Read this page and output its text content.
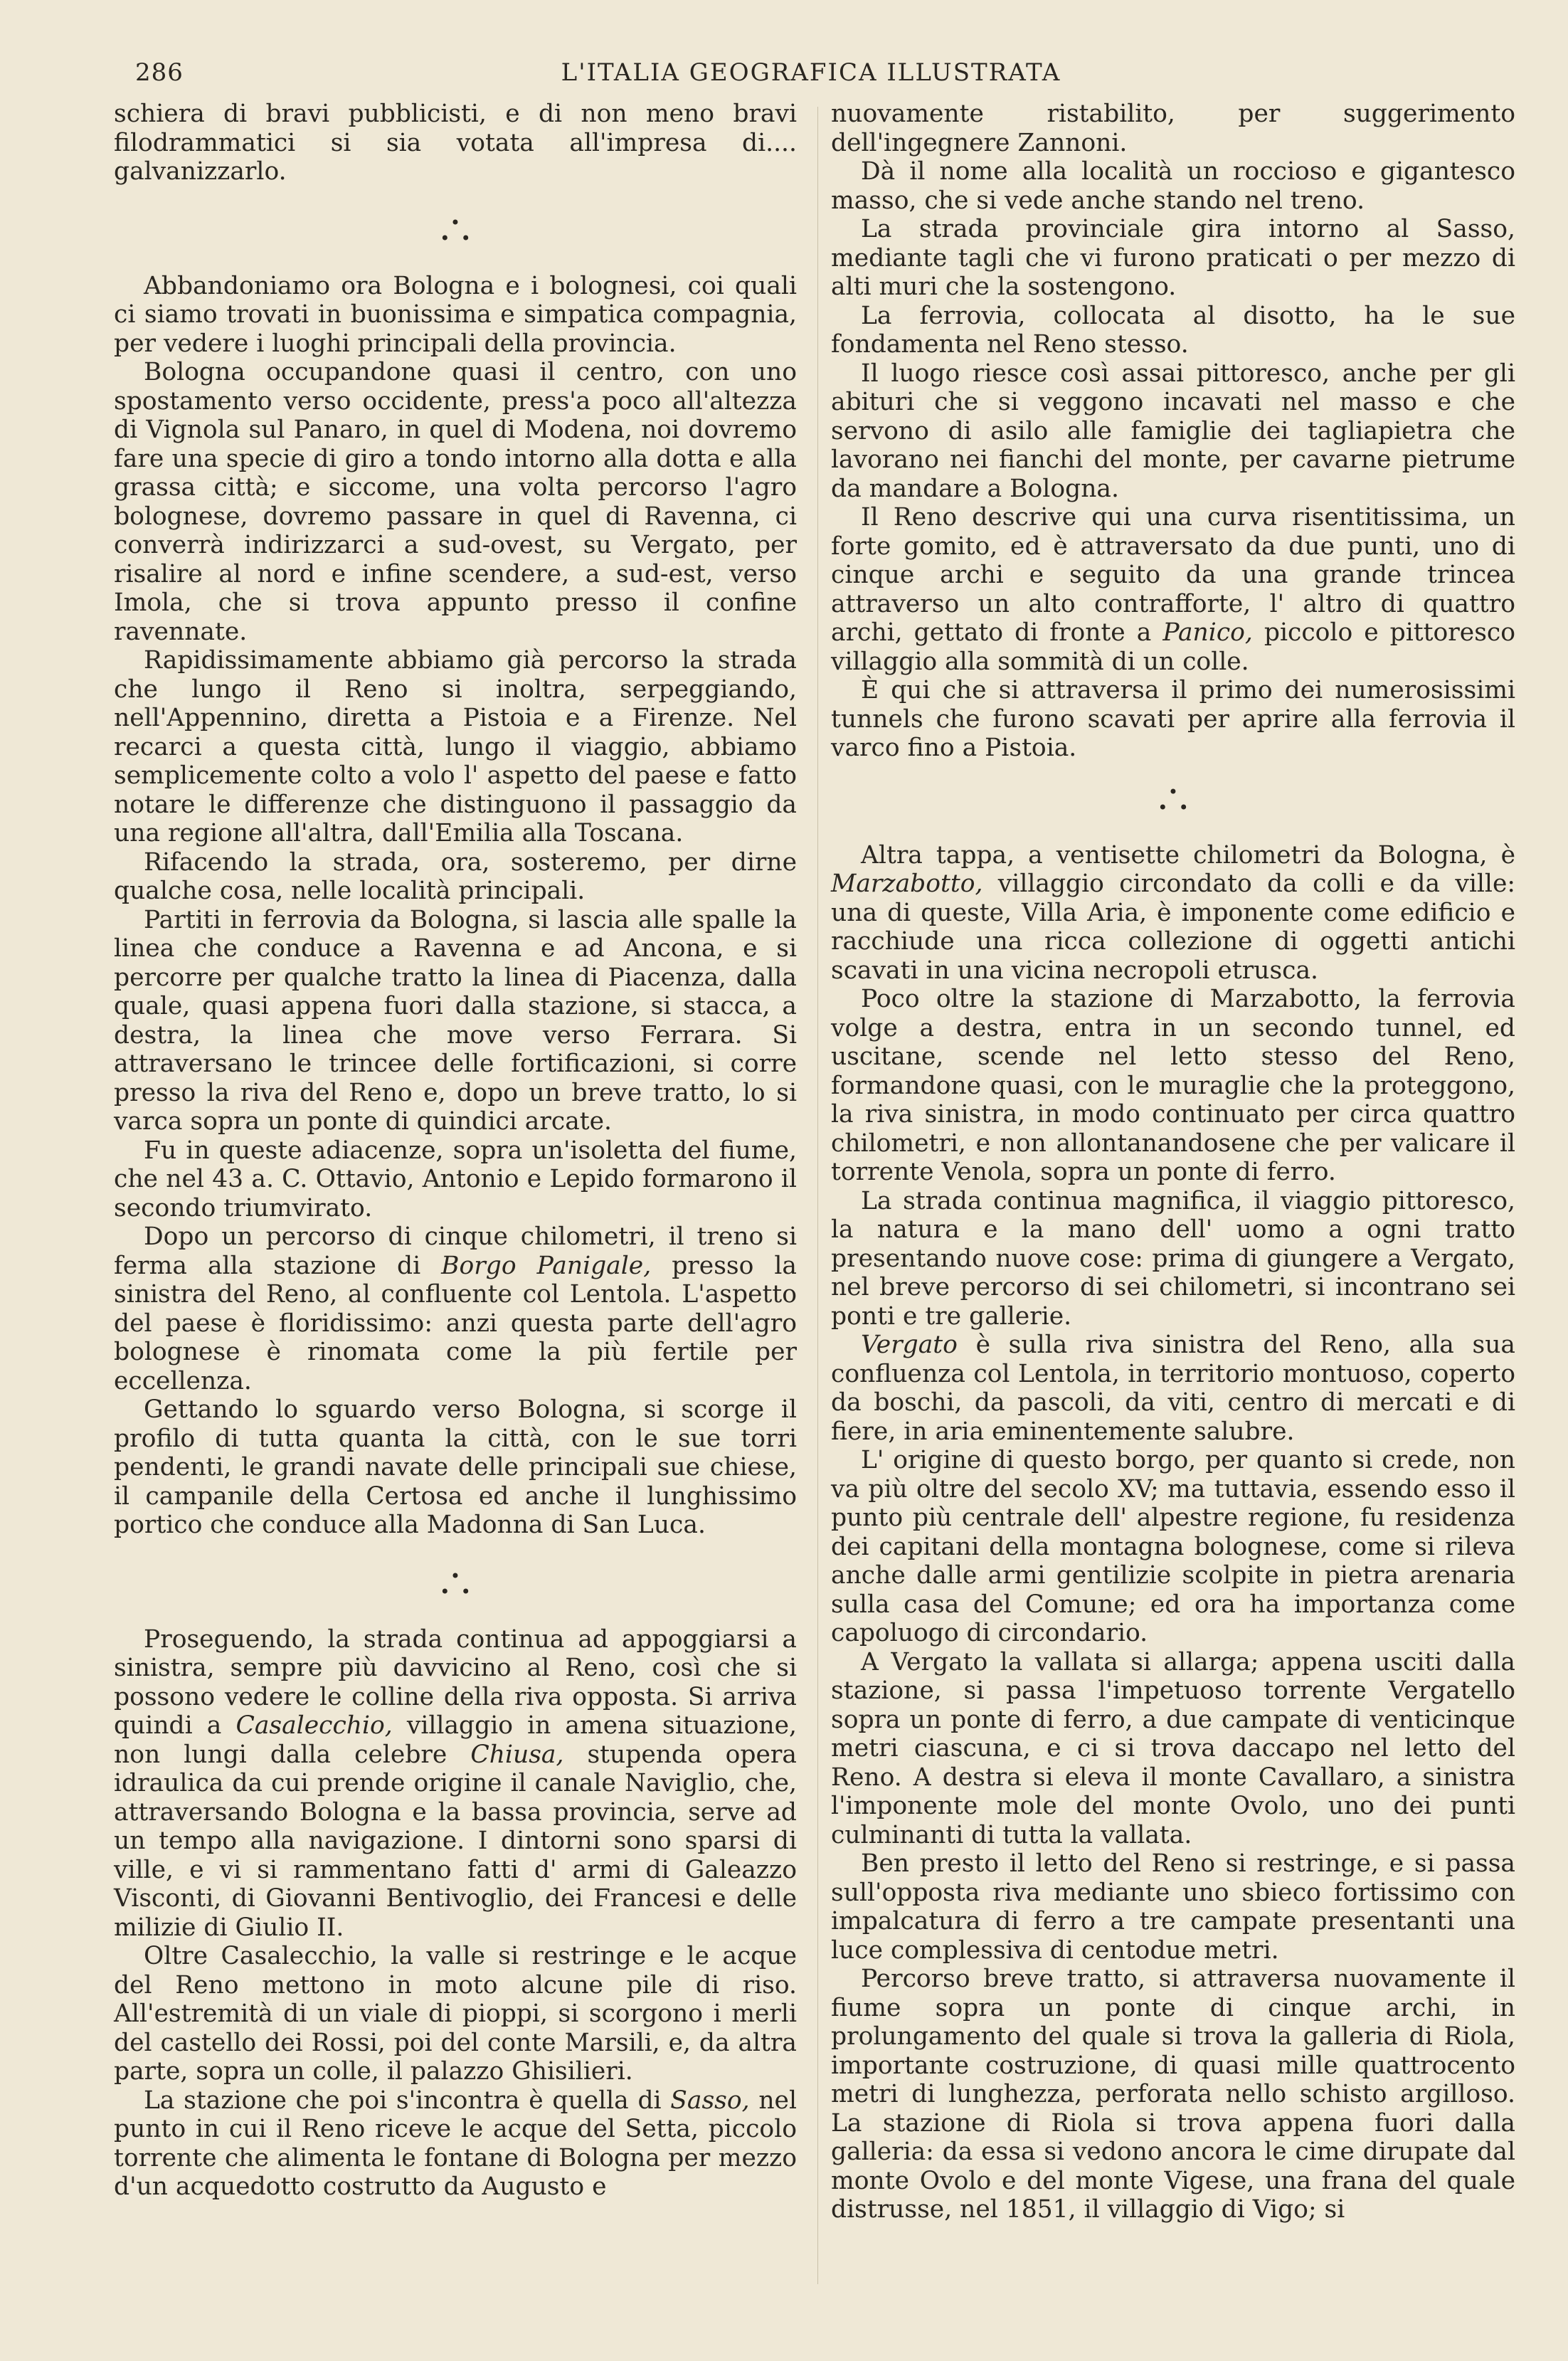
286	L'ITALIA GEOGRAFICA ILLUSTRATA

schiera di bravi pubblicisti, e di non meno bravi filodrammatici si sia votata all'impresa di.... galvanizzarlo.

•
• •

Abbandoniamo ora Bologna e i bolognesi, coi quali ci siamo trovati in buonissima e simpatica compagnia, per vedere i luoghi principali della provincia.

Bologna occupandone quasi il centro, con uno spostamento verso occidente, press'a poco all'altezza di Vignola sul Panaro, in quel di Modena, noi dovremo fare una specie di giro a tondo intorno alla dotta e alla grassa città; e siccome, una volta percorso l'agro bolognese, dovremo passare in quel di Ravenna, ci converrà indirizzarci a sud-ovest, su Vergato, per risalire al nord e infine scendere, a sud-est, verso Imola, che si trova appunto presso il confine ravennate.

Rapidissimamente abbiamo già percorso la strada che lungo il Reno si inoltra, serpeggiando, nell'Appennino, diretta a Pistoia e a Firenze. Nel recarci a questa città, lungo il viaggio, abbiamo semplicemente colto a volo l' aspetto del paese e fatto notare le differenze che distinguono il passaggio da una regione all'altra, dall'Emilia alla Toscana.

Rifacendo la strada, ora, sosteremo, per dirne qualche cosa, nelle località principali.

Partiti in ferrovia da Bologna, si lascia alle spalle la linea che conduce a Ravenna e ad Ancona, e si percorre per qualche tratto la linea di Piacenza, dalla quale, quasi appena fuori dalla stazione, si stacca, a destra, la linea che move verso Ferrara. Si attraversano le trincee delle fortificazioni, si corre presso la riva del Reno e, dopo un breve tratto, lo si varca sopra un ponte di quindici arcate.

Fu in queste adiacenze, sopra un'isoletta del fiume, che nel 43 a. C. Ottavio, Antonio e Lepido formarono il secondo triumvirato.

Dopo un percorso di cinque chilometri, il treno si ferma alla stazione di Borgo Panigale, presso la sinistra del Reno, al confluente col Lentola. L'aspetto del paese è floridissimo: anzi questa parte dell'agro bolognese è rinomata come la più fertile per eccellenza.

Gettando lo sguardo verso Bologna, si scorge il profilo di tutta quanta la città, con le sue torri pendenti, le grandi navate delle principali sue chiese, il campanile della Certosa ed anche il lunghissimo portico che conduce alla Madonna di San Luca.

•
• •

Proseguendo, la strada continua ad appoggiarsi a sinistra, sempre più davvicino al Reno, così che si possono vedere le colline della riva opposta. Si arriva quindi a Casalecchio, villaggio in amena situazione, non lungi dalla celebre Chiusa, stupenda opera idraulica da cui prende origine il canale Naviglio, che, attraversando Bologna e la bassa provincia, serve ad un tempo alla navigazione. I dintorni sono sparsi di ville, e vi si rammentano fatti d' armi di Galeazzo Visconti, di Giovanni Bentivoglio, dei Francesi e delle milizie di Giulio II.

Oltre Casalecchio, la valle si restringe e le acque del Reno mettono in moto alcune pile di riso. All'estremità di un viale di pioppi, si scorgono i merli del castello dei Rossi, poi del conte Marsili, e, da altra parte, sopra un colle, il palazzo Ghisilieri.

La stazione che poi s'incontra è quella di Sasso, nel punto in cui il Reno riceve le acque del Setta, piccolo torrente che alimenta le fontane di Bologna per mezzo d'un acquedotto costrutto da Augusto e

nuovamente ristabilito, per suggerimento dell'ingegnere Zannoni.

Dà il nome alla località un roccioso e gigantesco masso, che si vede anche stando nel treno.

La strada provinciale gira intorno al Sasso, mediante tagli che vi furono praticati o per mezzo di alti muri che la sostengono.

La ferrovia, collocata al disotto, ha le sue fondamenta nel Reno stesso.

Il luogo riesce così assai pittoresco, anche per gli abituri che si veggono incavati nel masso e che servono di asilo alle famiglie dei tagliapietra che lavorano nei fianchi del monte, per cavarne pietrume da mandare a Bologna.

Il Reno descrive qui una curva risentitissima, un forte gomito, ed è attraversato da due punti, uno di cinque archi e seguito da una grande trincea attraverso un alto contrafforte, l' altro di quattro archi, gettato di fronte a Panico, piccolo e pittoresco villaggio alla sommità di un colle.

È qui che si attraversa il primo dei numerosissimi tunnels che furono scavati per aprire alla ferrovia il varco fino a Pistoia.

•
• •

Altra tappa, a ventisette chilometri da Bologna, è Marzabotto, villaggio circondato da colli e da ville: una di queste, Villa Aria, è imponente come edificio e racchiude una ricca collezione di oggetti antichi scavati in una vicina necropoli etrusca.

Poco oltre la stazione di Marzabotto, la ferrovia volge a destra, entra in un secondo tunnel, ed uscitane, scende nel letto stesso del Reno, formandone quasi, con le muraglie che la proteggono, la riva sinistra, in modo continuato per circa quattro chilometri, e non allontanandosene che per valicare il torrente Venola, sopra un ponte di ferro.

La strada continua magnifica, il viaggio pittoresco, la natura e la mano dell' uomo a ogni tratto presentando nuove cose: prima di giungere a Vergato, nel breve percorso di sei chilometri, si incontrano sei ponti e tre gallerie.

Vergato è sulla riva sinistra del Reno, alla sua confluenza col Lentola, in territorio montuoso, coperto da boschi, da pascoli, da viti, centro di mercati e di fiere, in aria eminentemente salubre.

L' origine di questo borgo, per quanto si crede, non va più oltre del secolo XV; ma tuttavia, essendo esso il punto più centrale dell' alpestre regione, fu residenza dei capitani della montagna bolognese, come si rileva anche dalle armi gentilizie scolpite in pietra arenaria sulla casa del Comune; ed ora ha importanza come capoluogo di circondario.

A Vergato la vallata si allarga; appena usciti dalla stazione, si passa l'impetuoso torrente Vergatello sopra un ponte di ferro, a due campate di venticinque metri ciascuna, e ci si trova daccapo nel letto del Reno. A destra si eleva il monte Cavallaro, a sinistra l'imponente mole del monte Ovolo, uno dei punti culminanti di tutta la vallata.

Ben presto il letto del Reno si restringe, e si passa sull'opposta riva mediante uno sbieco fortissimo con impalcatura di ferro a tre campate presentanti una luce complessiva di centodue metri.

Percorso breve tratto, si attraversa nuovamente il fiume sopra un ponte di cinque archi, in prolungamento del quale si trova la galleria di Riola, importante costruzione, di quasi mille quattrocento metri di lunghezza, perforata nello schisto argilloso. La stazione di Riola si trova appena fuori dalla galleria: da essa si vedono ancora le cime dirupate dal monte Ovolo e del monte Vigese, una frana del quale distrusse, nel 1851, il villaggio di Vigo; si
